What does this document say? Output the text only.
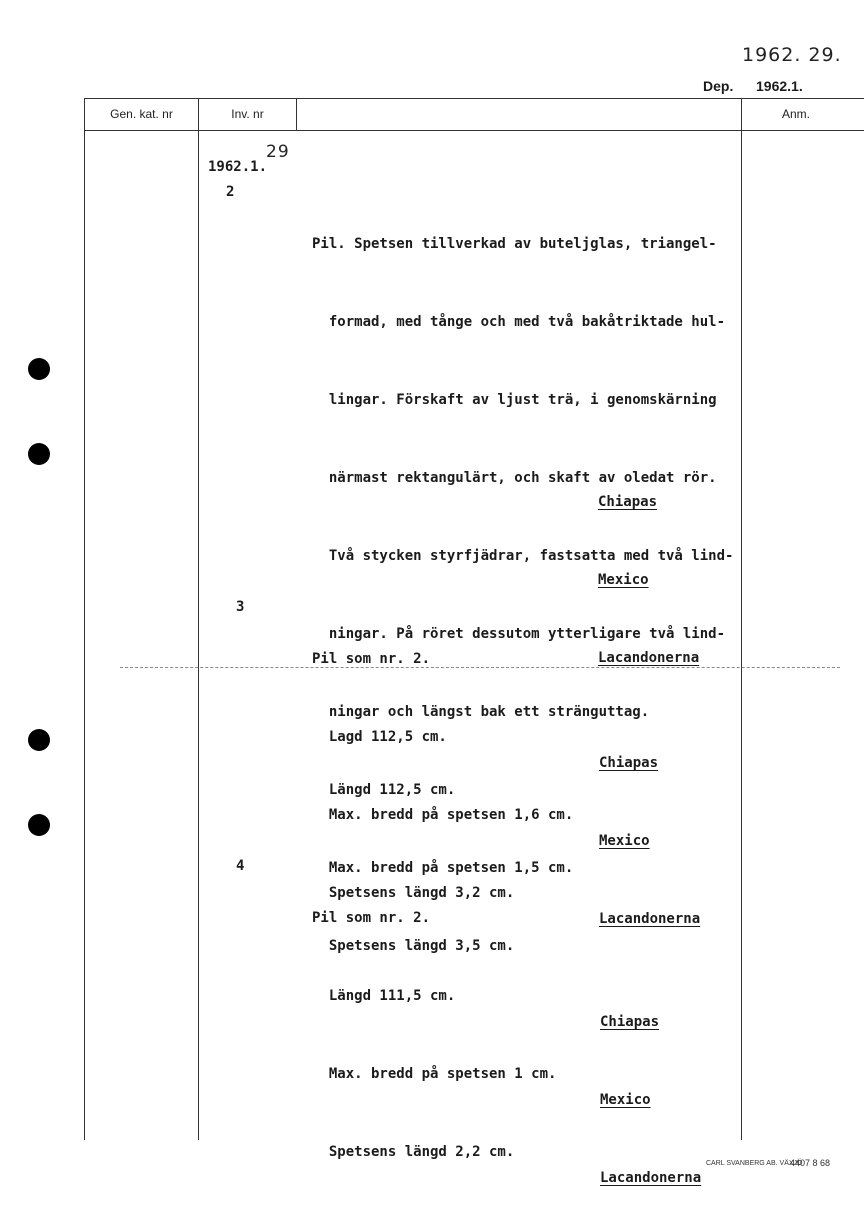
1962. 29.
Dep. 1962.1.
Gen. kat. nr	Inv. nr	Anm.
1962.1.
29
2

Pil. Spetsen tillverkad av buteljglas, triangel-

formad, med tånge och med två bakåtriktade hul-

lingar. Förskaft av ljust trä, i genomskärning

närmast rektangulärt, och skaft av oledat rör.

Två stycken styrfjädrar, fastsatta med två lind-

ningar. På röret dessutom ytterligare två lind-

ningar och längst bak ett stränguttag.

Längd 112,5 cm.

Max. bredd på spetsen 1,5 cm.

Spetsens längd 3,5 cm.

Chiapas

Mexico

Lacandonerna

3

Pil som nr. 2.

Lagd 112,5 cm.

Max. bredd på spetsen 1,6 cm.

Spetsens längd 3,2 cm.

Chiapas

Mexico

Lacandonerna

4

Pil som nr. 2.

Längd 111,5 cm.

Max. bredd på spetsen 1 cm.

Spetsens längd 2,2 cm.

Chiapas

Mexico

Lacandonerna

CARL SVANBERG AB. VÄXJÖ
4407 8 68
